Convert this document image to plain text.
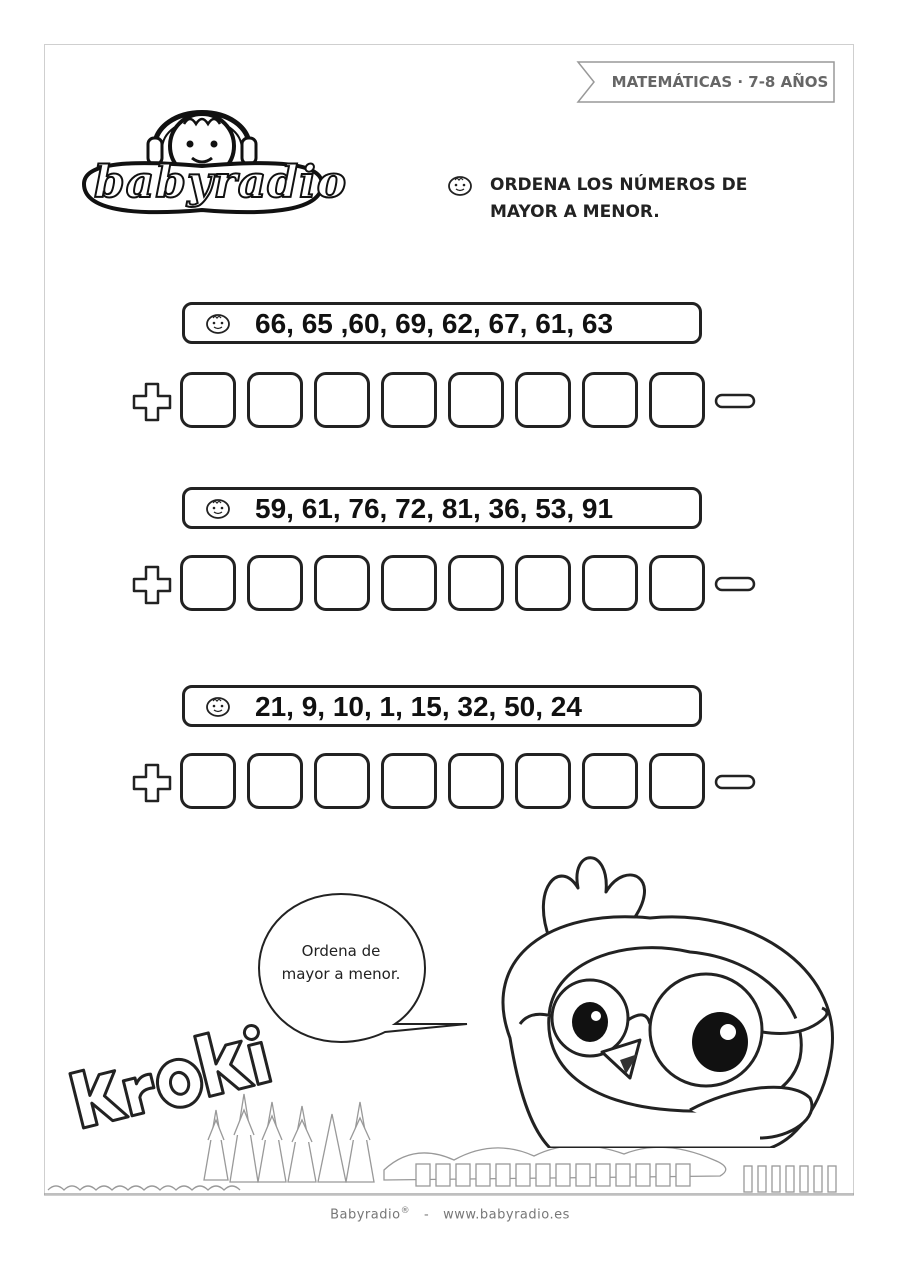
MATEMÁTICAS · 7-8 AÑOS
babyradio	ORDENA LOS NÚMEROS DE
MAYOR A MENOR.
66, 65 ,60, 69, 62, 67, 61, 63
59, 61, 76, 72, 81, 36, 53, 91
21, 9, 10, 1, 15, 32, 50, 24
Ordena de
mayor a menor.
Babyradio® - www.babyradio.es
